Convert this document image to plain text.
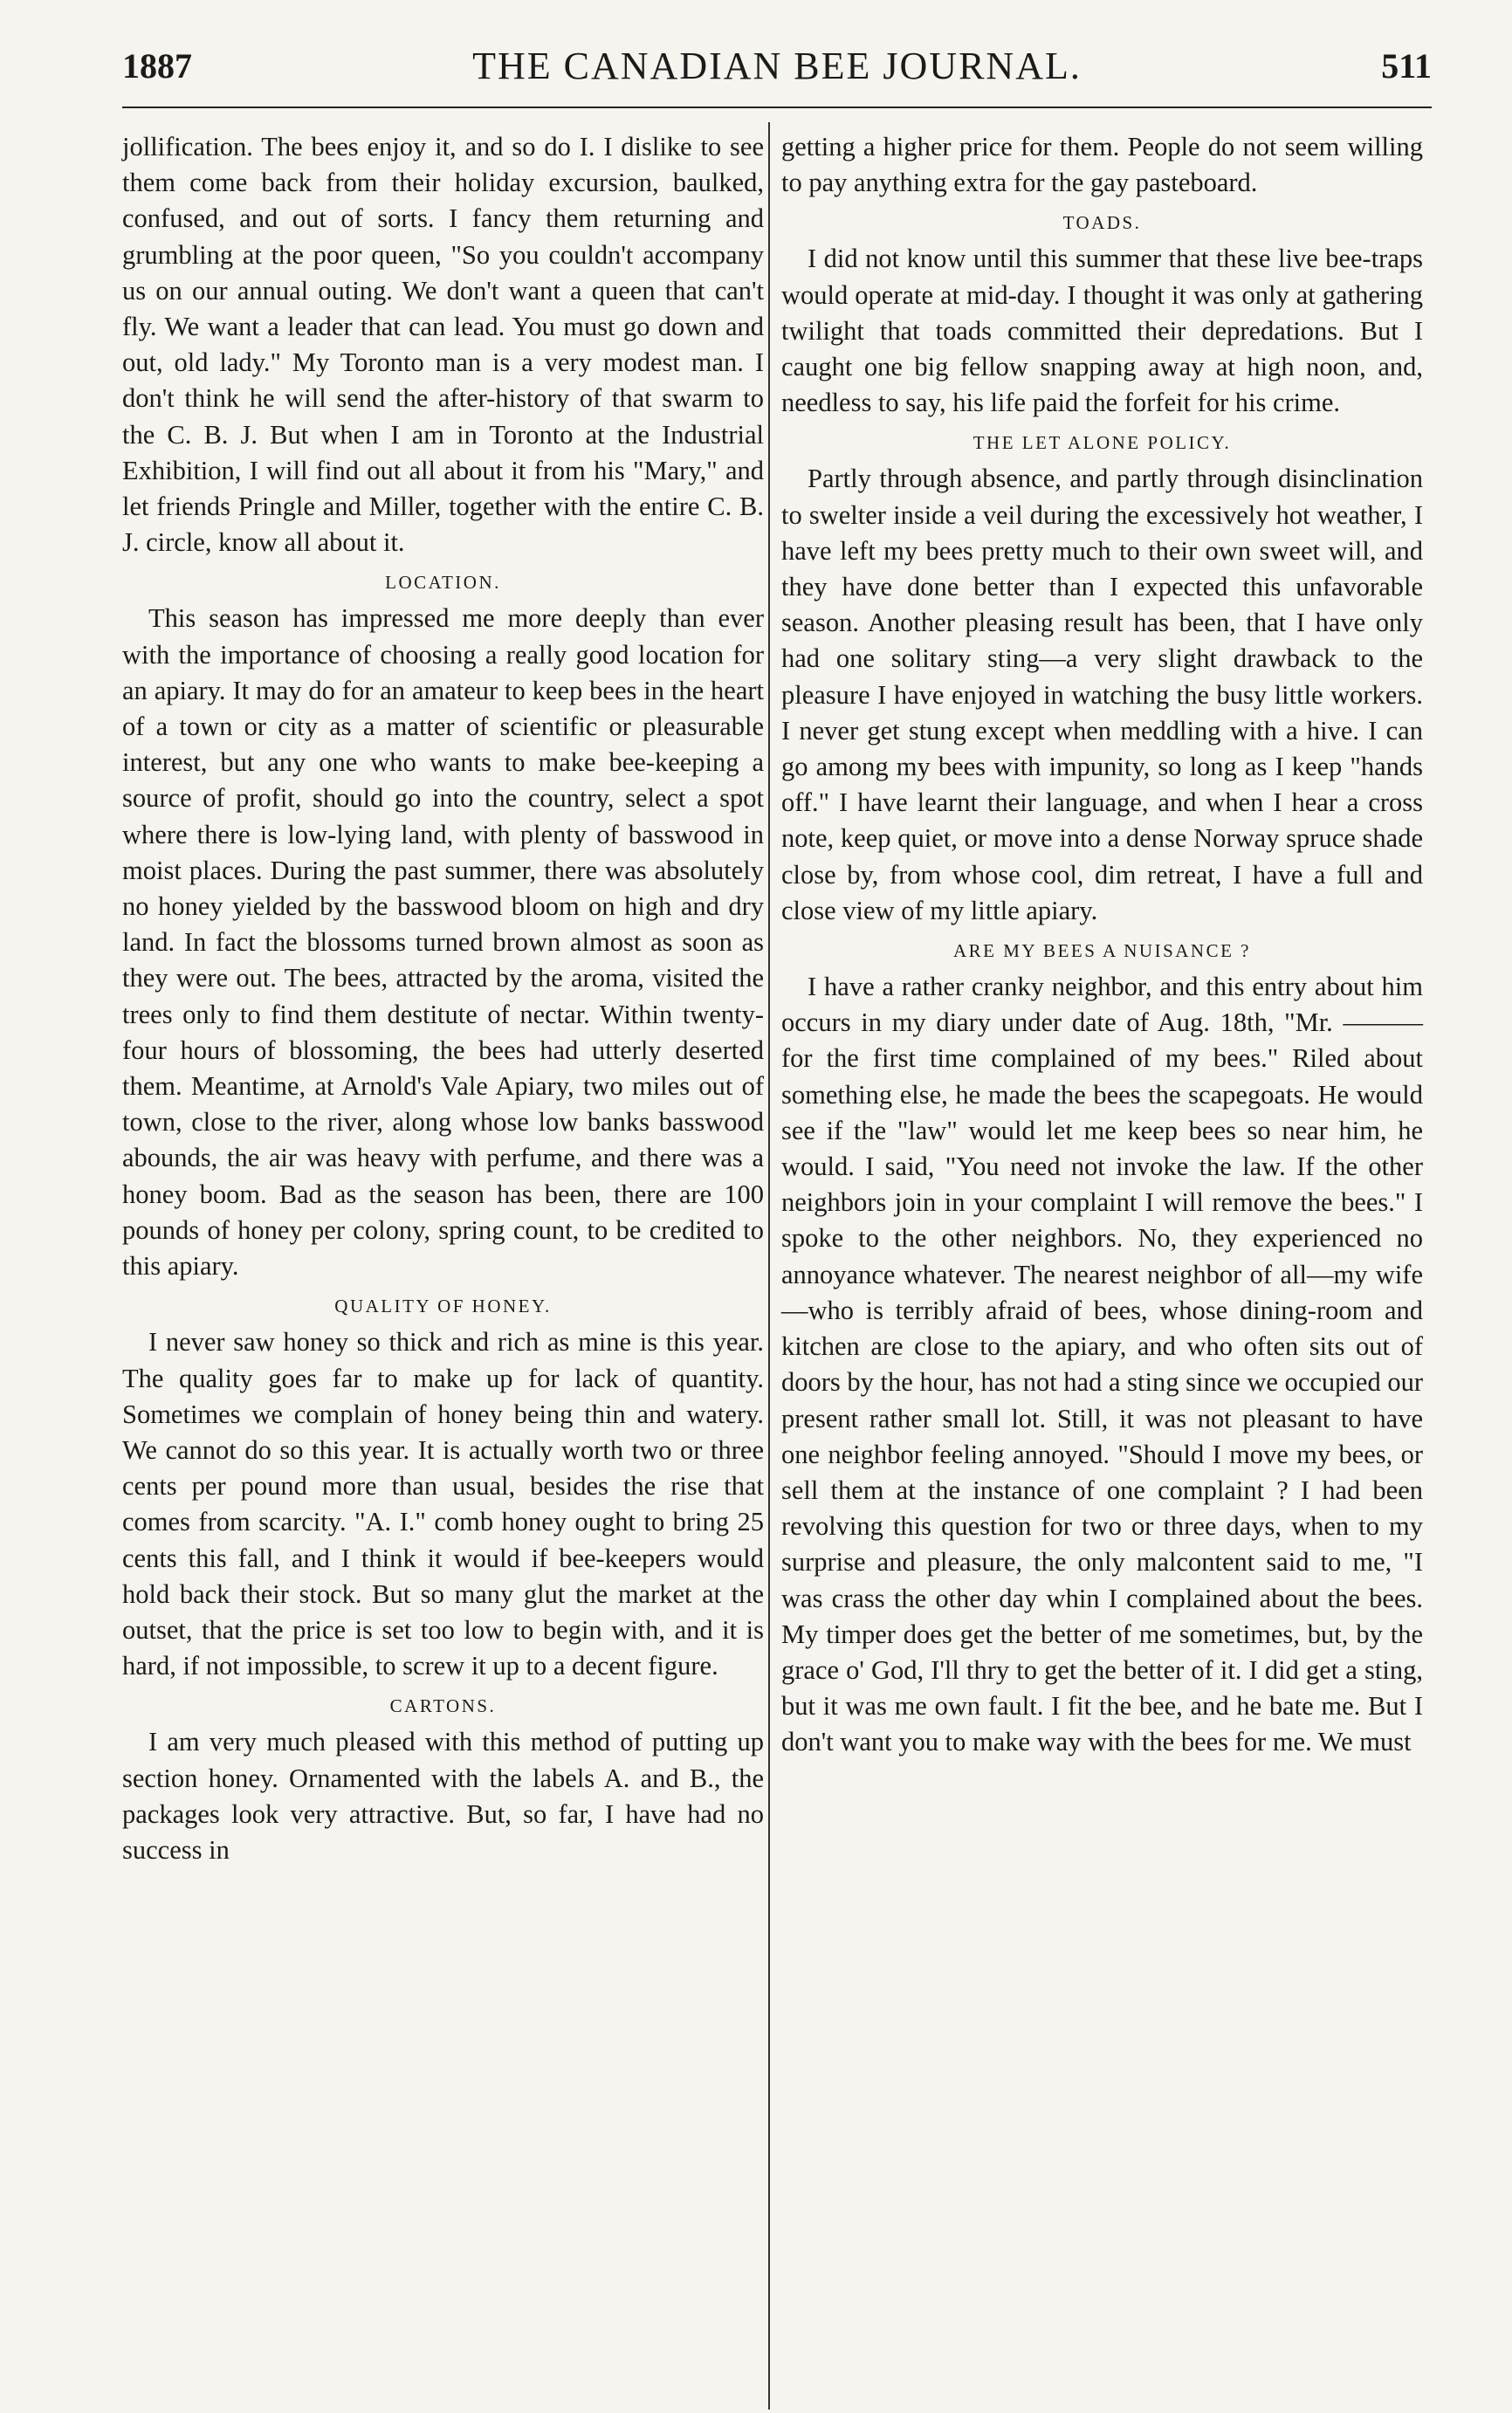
1887	THE CANADIAN BEE JOURNAL.	511

jollification. The bees enjoy it, and so do I. I dislike to see them come back from their holiday excursion, baulked, confused, and out of sorts. I fancy them returning and grumbling at the poor queen, "So you couldn't accompany us on our annual outing. We don't want a queen that can't fly. We want a leader that can lead. You must go down and out, old lady." My Toronto man is a very modest man. I don't think he will send the after-history of that swarm to the C. B. J. But when I am in Toronto at the Industrial Exhibition, I will find out all about it from his "Mary," and let friends Pringle and Miller, together with the entire C. B. J. circle, know all about it.

LOCATION.

This season has impressed me more deeply than ever with the importance of choosing a really good location for an apiary. It may do for an amateur to keep bees in the heart of a town or city as a matter of scientific or pleasurable interest, but any one who wants to make bee-keeping a source of profit, should go into the country, select a spot where there is low-lying land, with plenty of basswood in moist places. During the past summer, there was absolutely no honey yielded by the basswood bloom on high and dry land. In fact the blossoms turned brown almost as soon as they were out. The bees, attracted by the aroma, visited the trees only to find them destitute of nectar. Within twenty-four hours of blossoming, the bees had utterly deserted them. Meantime, at Arnold's Vale Apiary, two miles out of town, close to the river, along whose low banks basswood abounds, the air was heavy with perfume, and there was a honey boom. Bad as the season has been, there are 100 pounds of honey per colony, spring count, to be credited to this apiary.

QUALITY OF HONEY.

I never saw honey so thick and rich as mine is this year. The quality goes far to make up for lack of quantity. Sometimes we complain of honey being thin and watery. We cannot do so this year. It is actually worth two or three cents per pound more than usual, besides the rise that comes from scarcity. "A. I." comb honey ought to bring 25 cents this fall, and I think it would if bee-keepers would hold back their stock. But so many glut the market at the outset, that the price is set too low to begin with, and it is hard, if not impossible, to screw it up to a decent figure.

CARTONS.

I am very much pleased with this method of putting up section honey. Ornamented with the labels A. and B., the packages look very attractive. But, so far, I have had no success in

getting a higher price for them. People do not seem willing to pay anything extra for the gay pasteboard.

TOADS.

I did not know until this summer that these live bee-traps would operate at mid-day. I thought it was only at gathering twilight that toads committed their depredations. But I caught one big fellow snapping away at high noon, and, needless to say, his life paid the forfeit for his crime.

THE LET ALONE POLICY.

Partly through absence, and partly through disinclination to swelter inside a veil during the excessively hot weather, I have left my bees pretty much to their own sweet will, and they have done better than I expected this unfavorable season. Another pleasing result has been, that I have only had one solitary sting—a very slight drawback to the pleasure I have enjoyed in watching the busy little workers. I never get stung except when meddling with a hive. I can go among my bees with impunity, so long as I keep "hands off." I have learnt their language, and when I hear a cross note, keep quiet, or move into a dense Norway spruce shade close by, from whose cool, dim retreat, I have a full and close view of my little apiary.

ARE MY BEES A NUISANCE ?

I have a rather cranky neighbor, and this entry about him occurs in my diary under date of Aug. 18th, "Mr. ——— for the first time complained of my bees." Riled about something else, he made the bees the scapegoats. He would see if the "law" would let me keep bees so near him, he would. I said, "You need not invoke the law. If the other neighbors join in your complaint I will remove the bees." I spoke to the other neighbors. No, they experienced no annoyance whatever. The nearest neighbor of all—my wife—who is terribly afraid of bees, whose dining-room and kitchen are close to the apiary, and who often sits out of doors by the hour, has not had a sting since we occupied our present rather small lot. Still, it was not pleasant to have one neighbor feeling annoyed. "Should I move my bees, or sell them at the instance of one complaint ? I had been revolving this question for two or three days, when to my surprise and pleasure, the only malcontent said to me, "I was crass the other day whin I complained about the bees. My timper does get the better of me sometimes, but, by the grace o' God, I'll thry to get the better of it. I did get a sting, but it was me own fault. I fit the bee, and he bate me. But I don't want you to make way with the bees for me. We must
